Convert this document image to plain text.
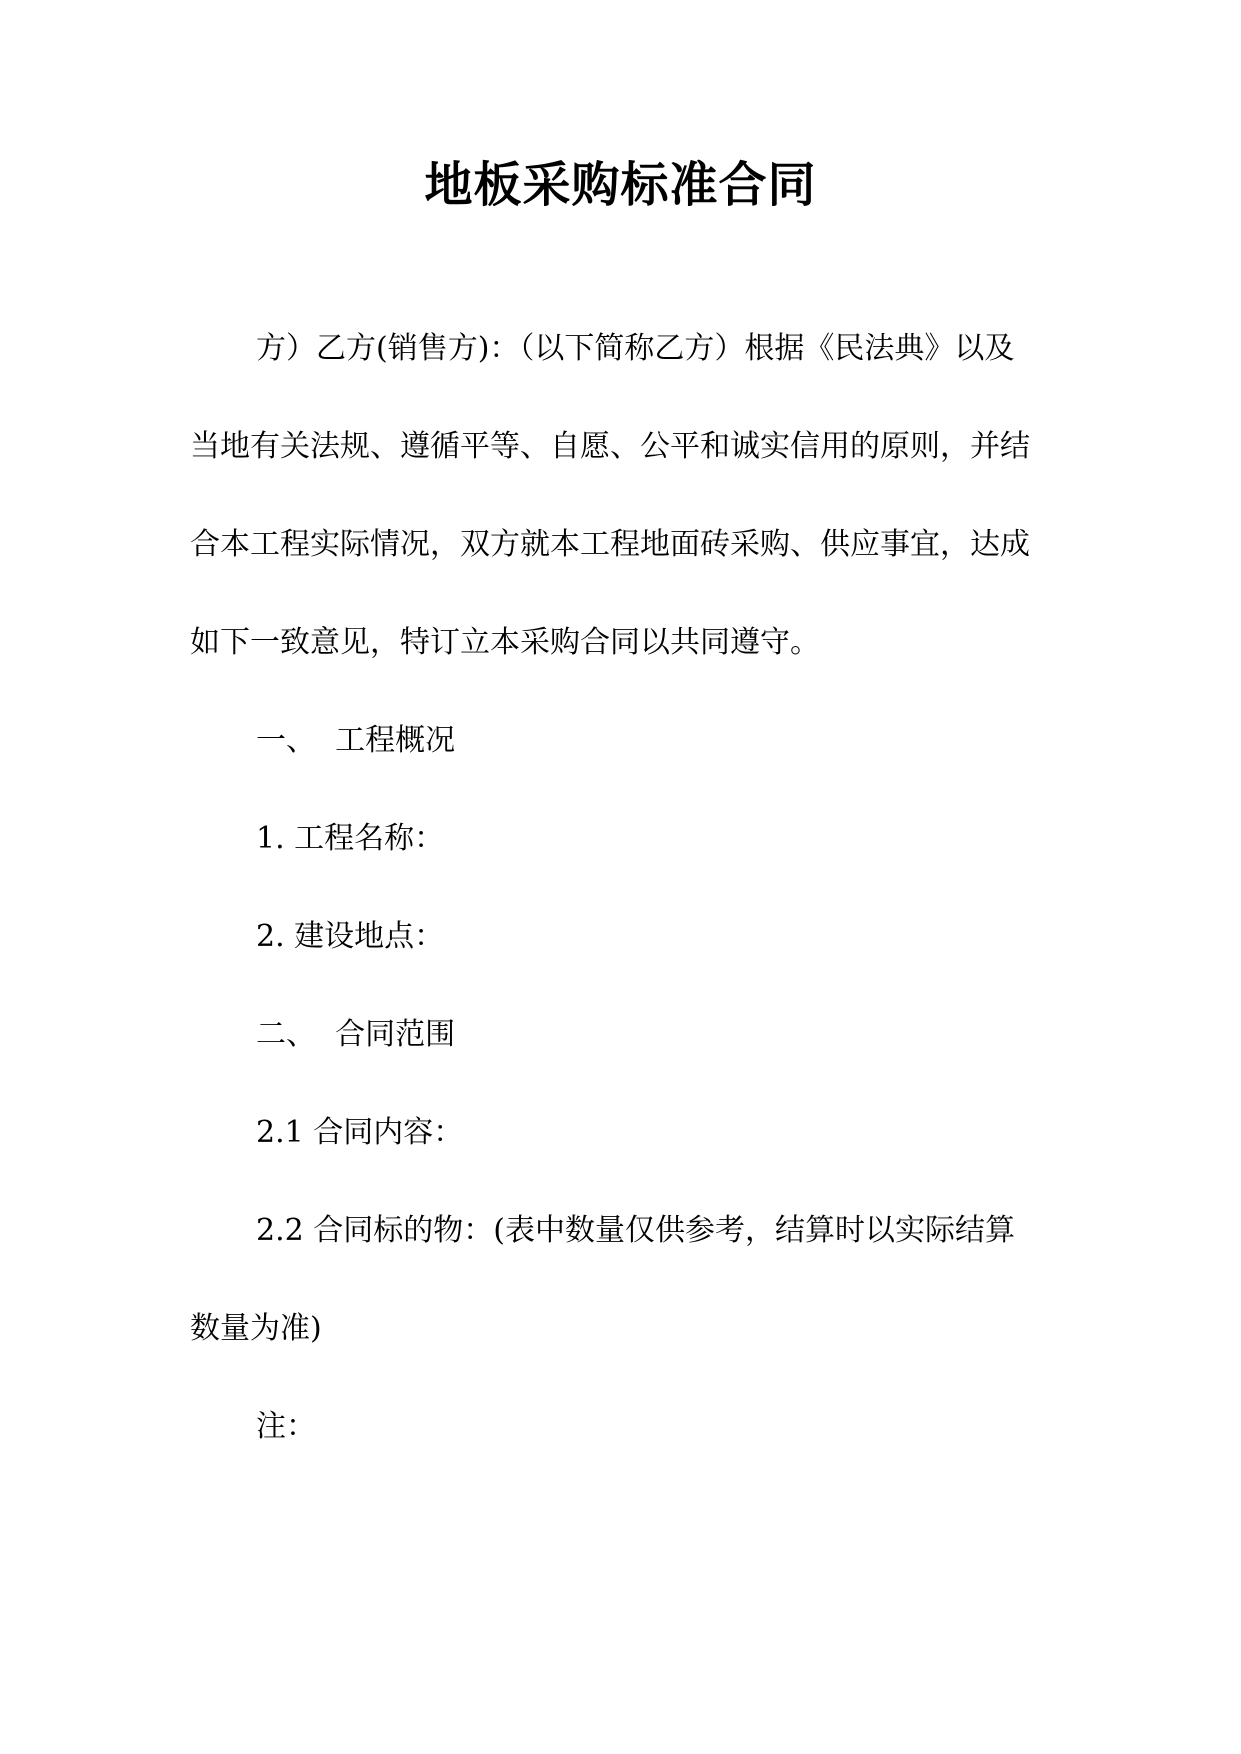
地板采购标准合同

方）乙方(销售方)：（以下简称乙方）根据《民法典》以及当地有关法规、遵循平等、自愿、公平和诚实信用的原则，并结合本工程实际情况，双方就本工程地面砖采购、供应事宜，达成如下一致意见，特订立本采购合同以共同遵守。

一、  工程概况

1. 工程名称：

2. 建设地点：

二、  合同范围

2.1 合同内容：

2.2 合同标的物：(表中数量仅供参考，结算时以实际结算数量为准)

注：
